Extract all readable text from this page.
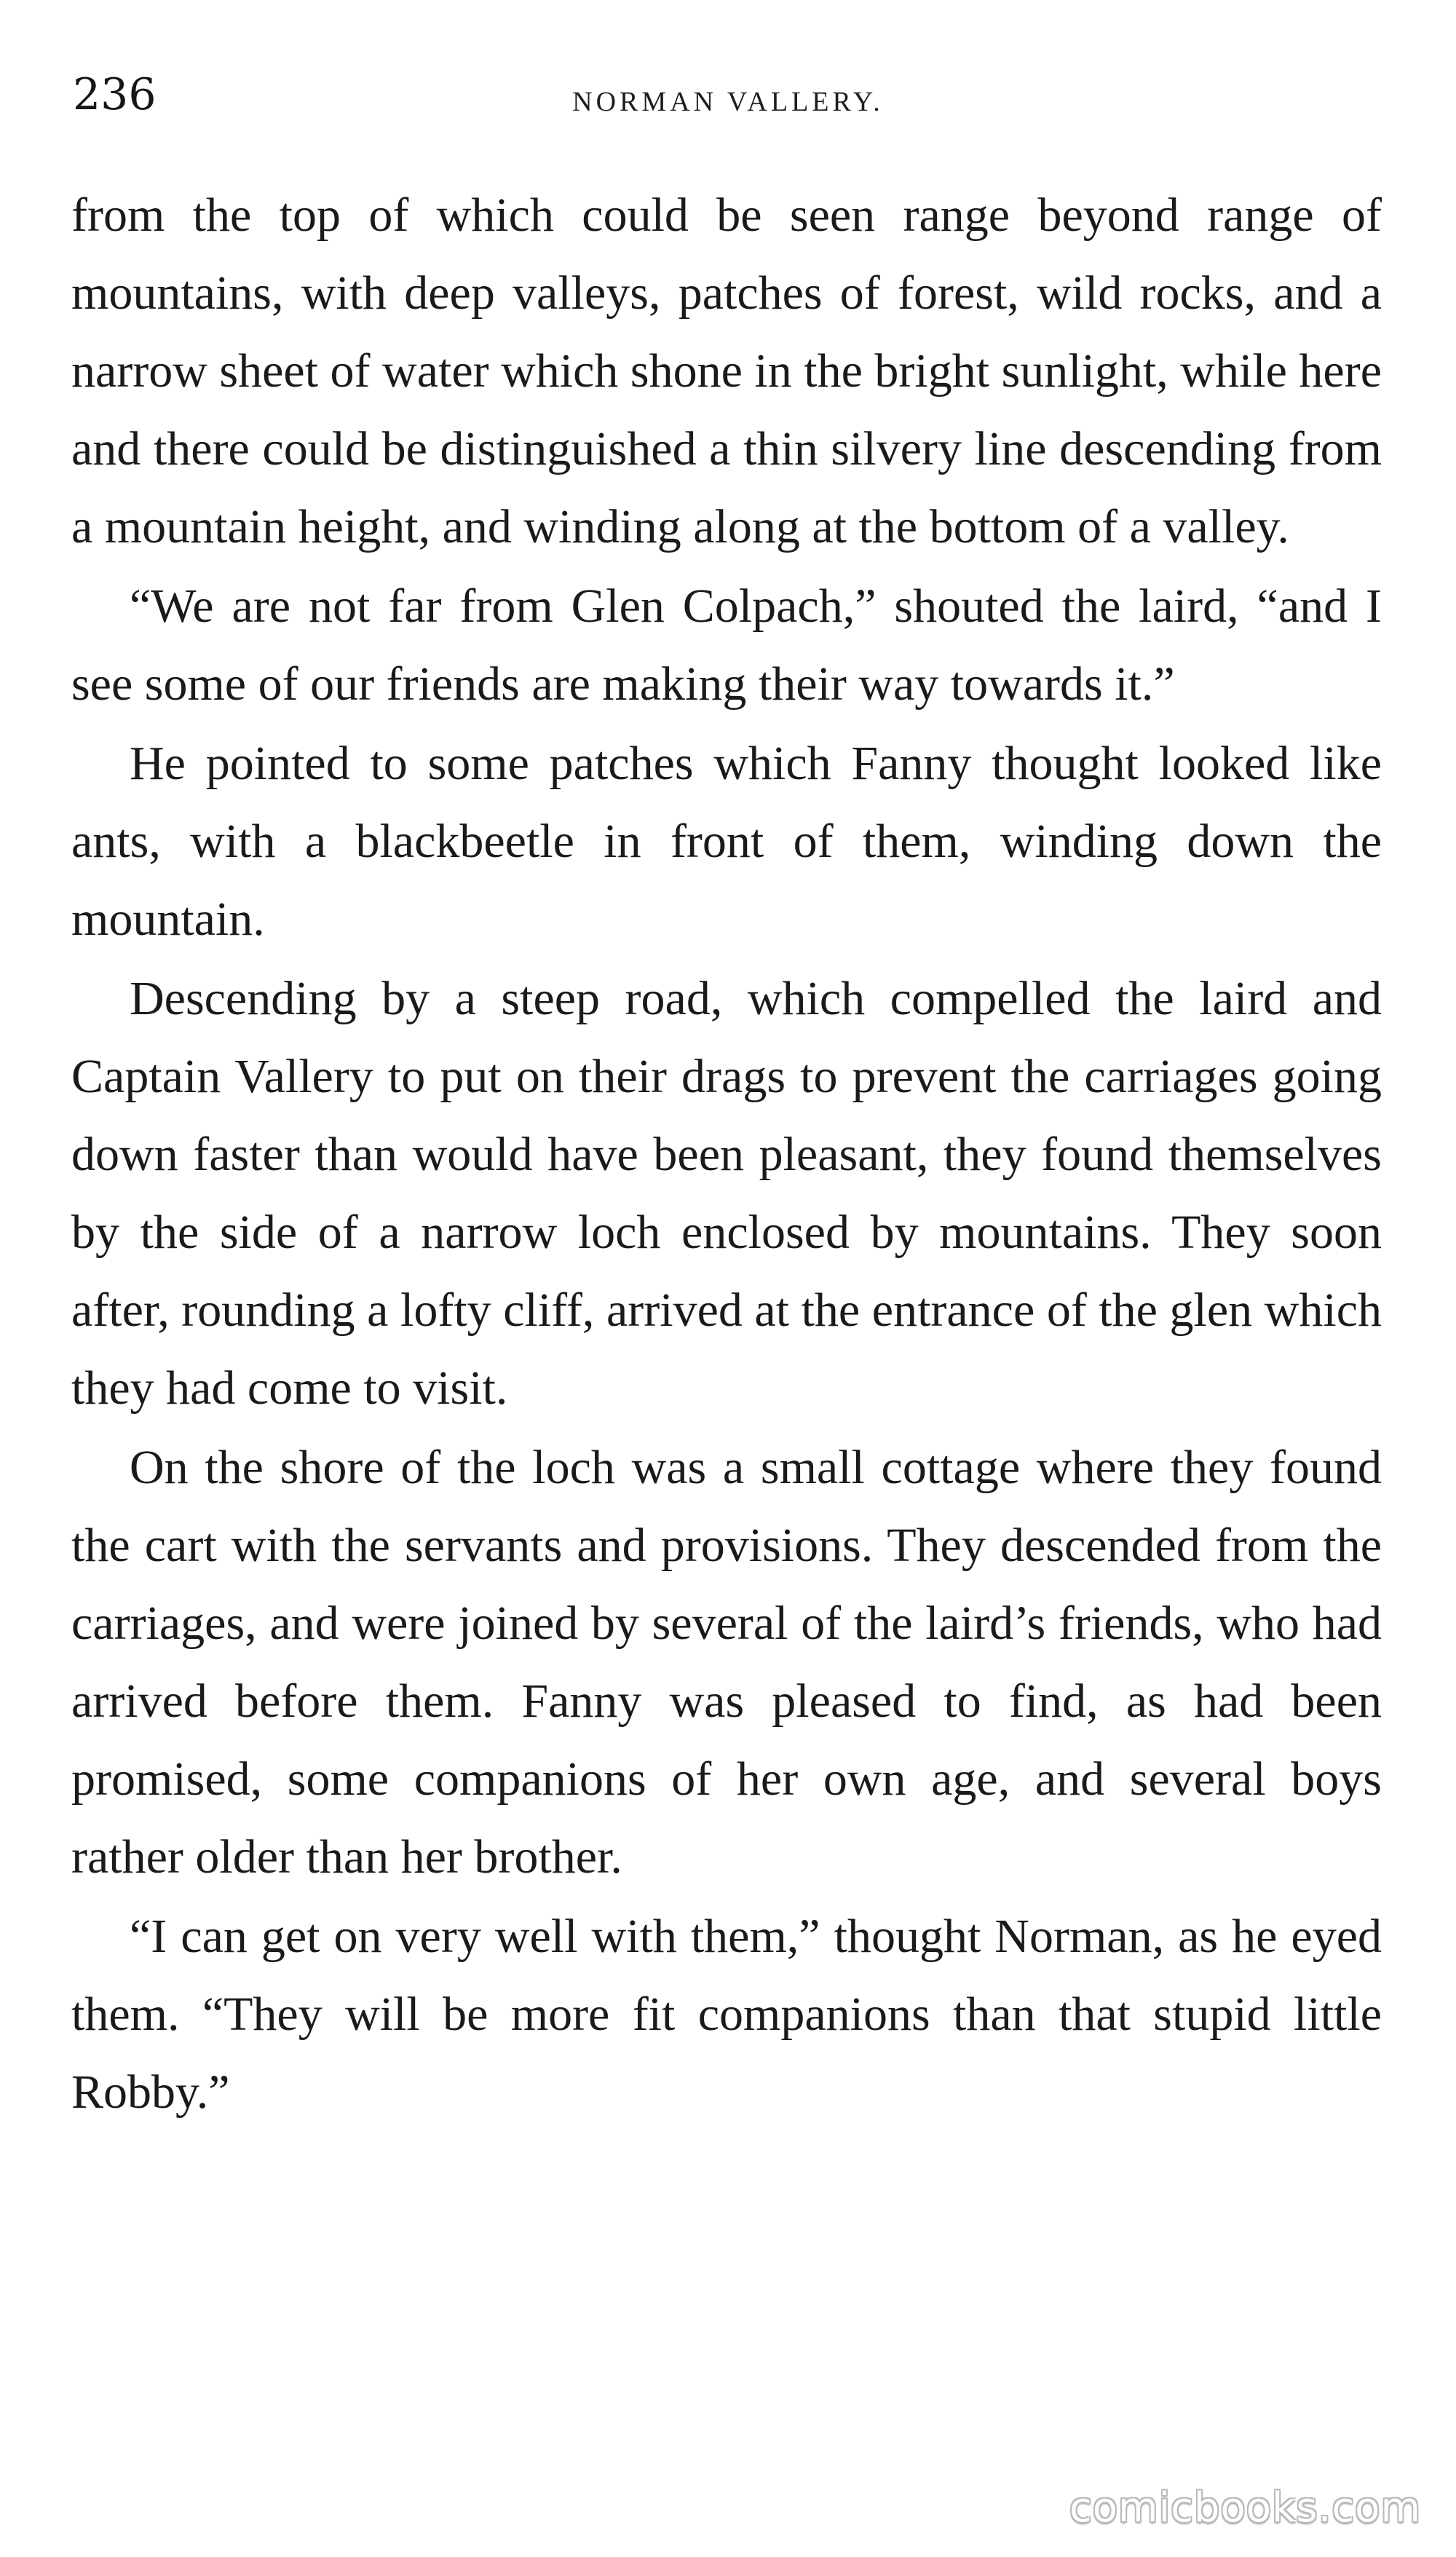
236	NORMAN VALLERY.

from the top of which could be seen range beyond range of mountains, with deep valleys, patches of forest, wild rocks, and a narrow sheet of water which shone in the bright sunlight, while here and there could be distinguished a thin silvery line descending from a mountain height, and winding along at the bottom of a valley.

“We are not far from Glen Colpach,” shouted the laird, “and I see some of our friends are making their way towards it.”

He pointed to some patches which Fanny thought looked like ants, with a blackbeetle in front of them, winding down the mountain.

Descending by a steep road, which compelled the laird and Captain Vallery to put on their drags to prevent the carriages going down faster than would have been pleasant, they found themselves by the side of a narrow loch enclosed by mountains. They soon after, rounding a lofty cliff, arrived at the entrance of the glen which they had come to visit.

On the shore of the loch was a small cottage where they found the cart with the servants and provisions. They descended from the carriages, and were joined by several of the laird’s friends, who had arrived before them. Fanny was pleased to find, as had been promised, some companions of her own age, and several boys rather older than her brother.

“I can get on very well with them,” thought Norman, as he eyed them. “They will be more fit companions than that stupid little Robby.”

comicbooks.com
